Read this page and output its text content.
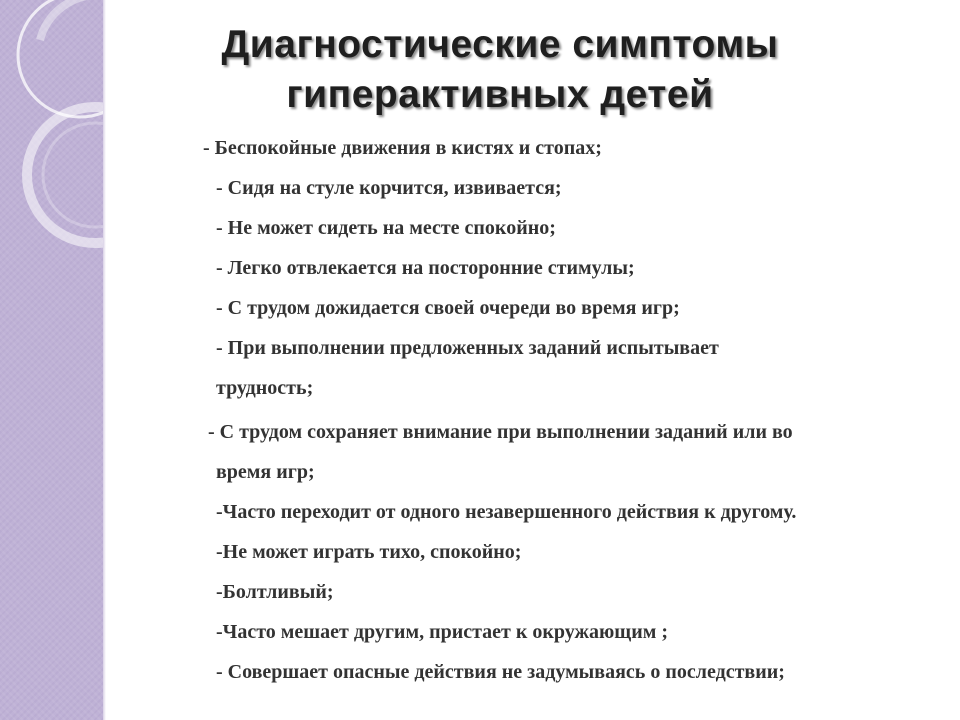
Диагностические симптомы
гиперактивных детей
- Беспокойные движения в кистях и стопах;
- Сидя на стуле корчится, извивается;
- Не может сидеть на месте спокойно;
- Легко отвлекается на посторонние стимулы;
- С трудом дожидается своей очереди во время игр;
- При выполнении предложенных заданий испытывает
трудность;
- С трудом сохраняет внимание при выполнении заданий или во
время игр;
-Часто переходит от одного незавершенного действия к другому.
-Не может играть тихо, спокойно;
-Болтливый;
-Часто мешает другим, пристает к окружающим ;
- Совершает опасные действия не задумываясь о последствии;
